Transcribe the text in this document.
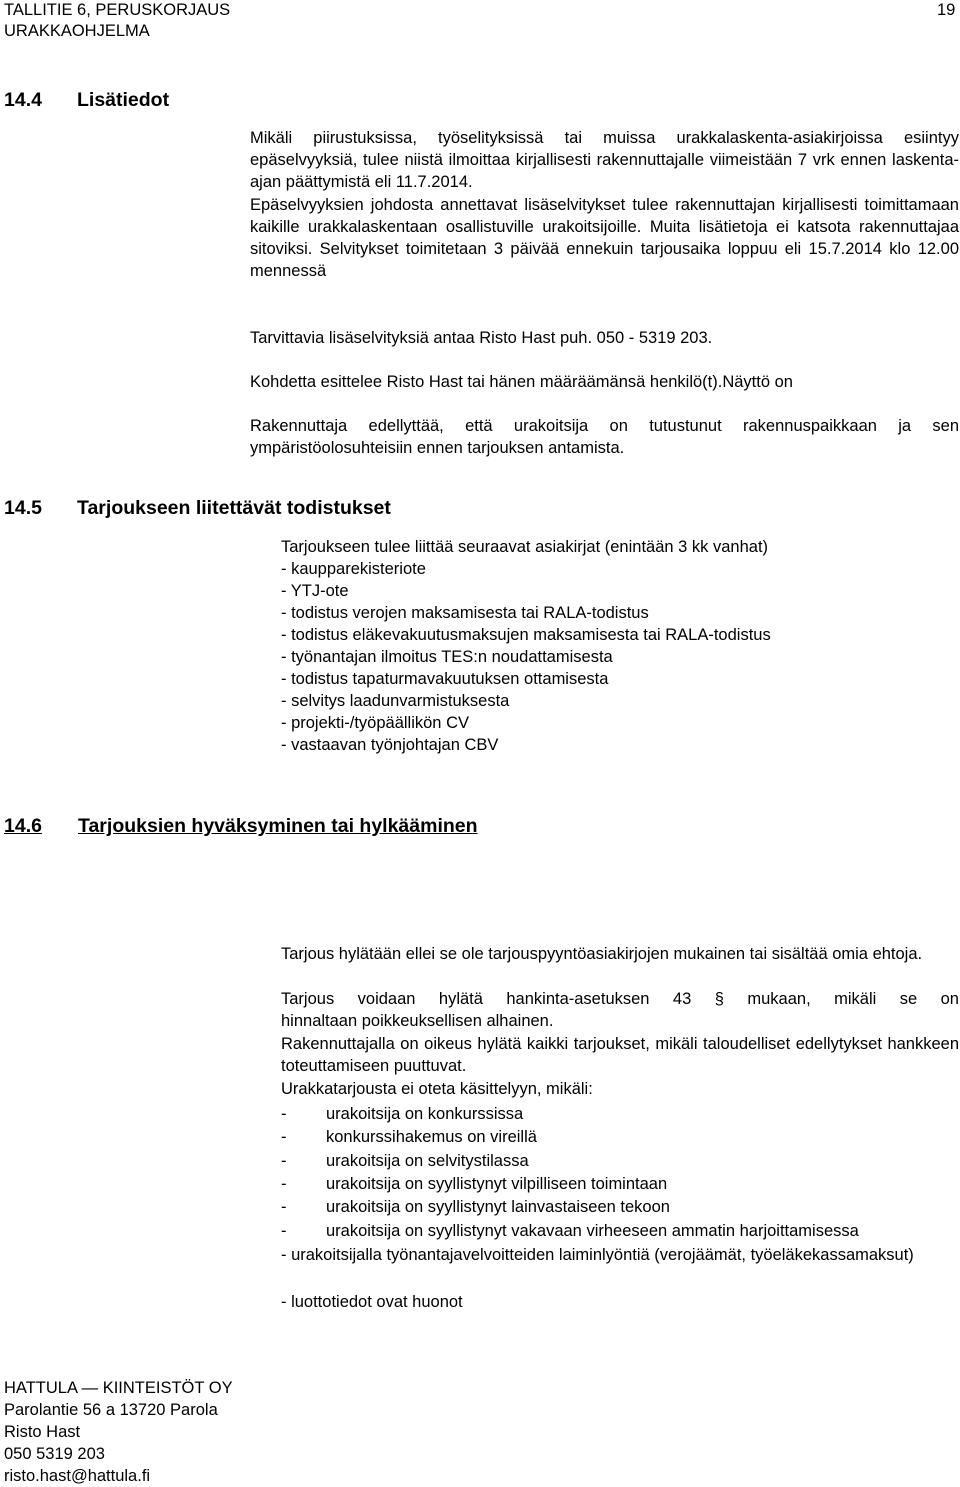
TALLITIE 6, PERUSKORJAUS
URAKKAOHJELMA
19
14.4 Lisätiedot
Mikäli piirustuksissa, työselityksissä tai muissa urakkalaskenta-asiakirjoissa esiintyy epäselvyyksiä, tulee niistä ilmoittaa kirjallisesti rakennuttajalle viimeistään 7 vrk ennen laskenta-ajan päättymistä eli 11.7.2014.
Epäselvyyksien johdosta annettavat lisäselvitykset tulee rakennuttajan kirjallisesti toimittamaan kaikille urakkalaskentaan osallistuville urakoitsijoille. Muita lisätietoja ei katsota rakennuttajaa sitoviksi. Selvitykset toimitetaan 3 päivää ennekuin tarjousaika loppuu eli 15.7.2014 klo 12.00 mennessä
Tarvittavia lisäselvityksiä antaa Risto Hast puh. 050 - 5319 203.
Kohdetta esittelee Risto Hast tai hänen määräämänsä henkilö(t).Näyttö on
Rakennuttaja edellyttää, että urakoitsija on tutustunut rakennuspaikkaan ja sen ympäristöolosuhteisiin ennen tarjouksen antamista.
14.5 Tarjoukseen liitettävät todistukset
Tarjoukseen tulee liittää seuraavat asiakirjat (enintään 3 kk vanhat)
- kaupparekisteriote
- YTJ-ote
- todistus verojen maksamisesta tai RALA-todistus
- todistus eläkevakuutusmaksujen maksamisesta tai RALA-todistus
- työnantajan ilmoitus TES:n noudattamisesta
- todistus tapaturmavakuutuksen ottamisesta
- selvitys laadunvarmistuksesta
- projekti-/työpäällikön CV
- vastaavan työnjohtajan CBV
14.6 Tarjouksien hyväksyminen tai hylkääminen
Tarjous hylätään ellei se ole tarjouspyyntöasiakirjojen mukainen tai sisältää omia ehtoja.
Tarjous voidaan hylätä hankinta-asetuksen 43 § mukaan, mikäli se on
hinnaltaan poikkeuksellisen alhainen.
Rakennuttajalla on oikeus hylätä kaikki tarjoukset, mikäli taloudelliset edellytykset hankkeen toteuttamiseen puuttuvat.
Urakkatarjousta ei oteta käsittelyyn, mikäli:
- urakoitsija on konkurssissa
- konkurssihakemus on vireillä
- urakoitsija on selvitystilassa
- urakoitsija on syyllistynyt vilpilliseen toimintaan
- urakoitsija on syyllistynyt lainvastaiseen tekoon
- urakoitsija on syyllistynyt vakavaan virheeseen ammatin harjoittamisessa
- urakoitsijalla työnantajavelvoitteiden laiminlyöntiä (verojäämät, työeläkekassamaksut)
- luottotiedot ovat huonot
HATTULA — KIINTEISTÖT OY
Parolantie 56 a 13720 Parola
Risto Hast
050 5319 203
risto.hast@hattula.fi
